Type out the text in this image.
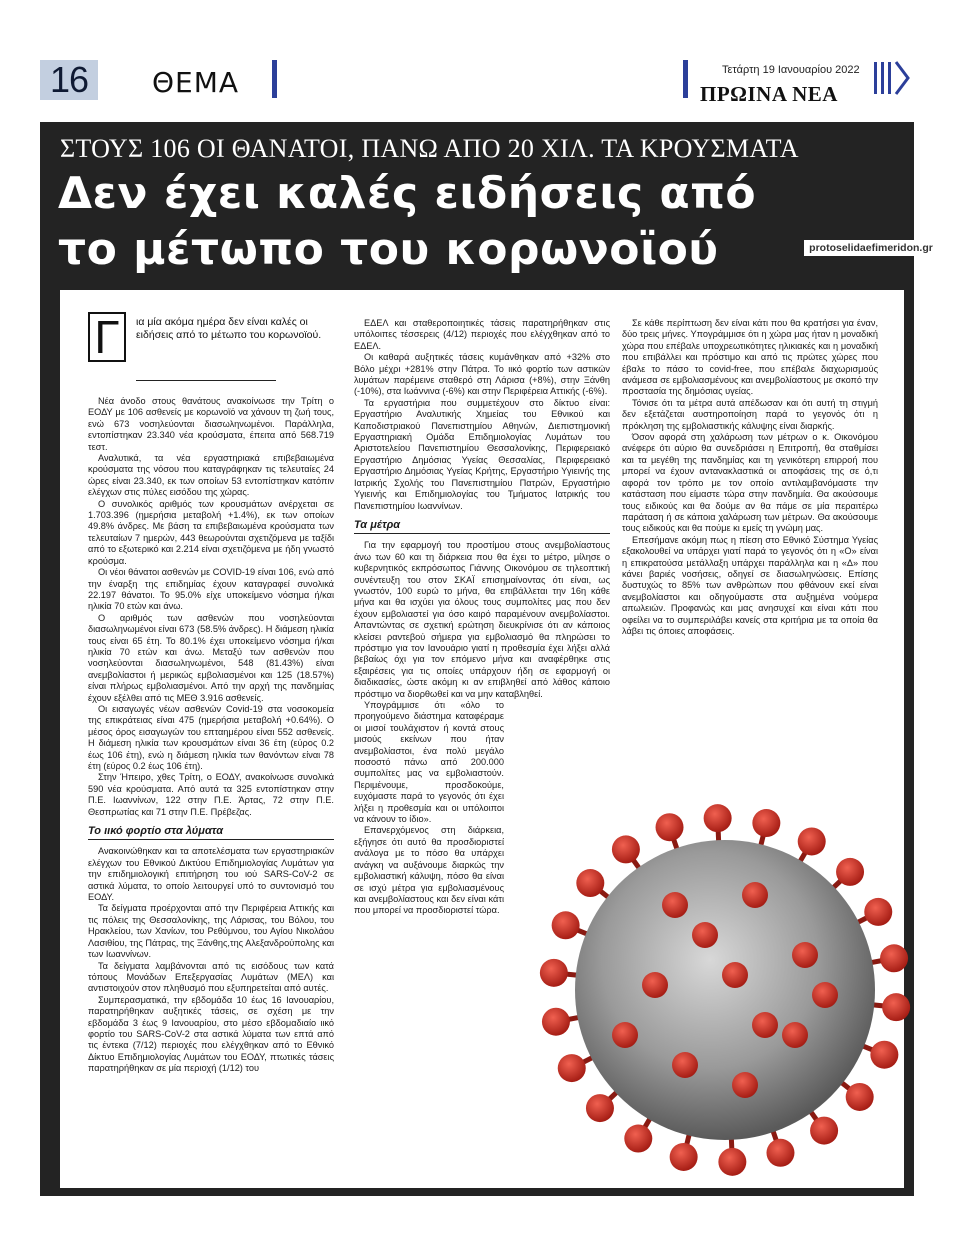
16	ΘΕΜΑ	Τετάρτη 19 Ιανουαρίου 2022
ΠΡΩΙΝΑ ΝΕΑ
ΣΤΟΥΣ 106 ΟΙ ΘΑΝΑΤΟΙ, ΠΑΝΩ ΑΠΟ 20 ΧΙΛ. ΤΑ ΚΡΟΥΣΜΑΤΑ
Δεν έχει καλές ειδήσεις από
το μέτωπο του κορωνοϊού	protoselidaefimeridon.gr
Γ	ια μία ακόμα ημέρα δεν είναι καλές οι ειδήσεις από το μέτωπο του κορωνοϊού.

Νέα άνοδο στους θανάτους ανακοίνωσε την Τρίτη ο ΕΟΔΥ με 106 ασθενείς με κορωνοϊό να χάνουν τη ζωή τους, ενώ 673 νοσηλεύονται διασωληνωμένοι. Παράλληλα, εντοπίστηκαν 23.340 νέα κρούσματα, έπειτα από 568.719 τεστ.

Αναλυτικά, τα νέα εργαστηριακά επιβεβαιωμένα κρούσματα της νόσου που καταγράφηκαν τις τελευταίες 24 ώρες είναι 23.340, εκ των οποίων 53 εντοπίστηκαν κατόπιν ελέγχων στις πύλες εισόδου της χώρας.

Ο συνολικός αριθμός των κρουσμάτων ανέρχεται σε 1.703.396 (ημερήσια μεταβολή +1.4%), εκ των οποίων 49.8% άνδρες. Με βάση τα επιβεβαιωμένα κρούσματα των τελευταίων 7 ημερών, 443 θεωρούνται σχετιζόμενα με ταξίδι από το εξωτερικό και 2.214 είναι σχετιζόμενα με ήδη γνωστό κρούσμα.

Οι νέοι θάνατοι ασθενών με COVID-19 είναι 106, ενώ από την έναρξη της επιδημίας έχουν καταγραφεί συνολικά 22.197 θάνατοι. Το 95.0% είχε υποκείμενο νόσημα ή/και ηλικία 70 ετών και άνω.

Ο αριθμός των ασθενών που νοσηλεύονται διασωληνωμένοι είναι 673 (58.5% άνδρες). Η διάμεση ηλικία τους είναι 65 έτη. Το 80.1% έχει υποκείμενο νόσημα ή/και ηλικία 70 ετών και άνω. Μεταξύ των ασθενών που νοσηλεύονται διασωληνωμένοι, 548 (81.43%) είναι ανεμβολίαστοι ή μερικώς εμβολιασμένοι και 125 (18.57%) είναι πλήρως εμβολιασμένοι. Από την αρχή της πανδημίας έχουν εξέλθει από τις ΜΕΘ 3.916 ασθενείς.

Οι εισαγωγές νέων ασθενών Covid-19 στα νοσοκομεία της επικράτειας είναι 475 (ημερήσια μεταβολή +0.64%). Ο μέσος όρος εισαγωγών του επταημέρου είναι 552 ασθενείς. Η διάμεση ηλικία των κρουσμάτων είναι 36 έτη (εύρος 0.2 έως 106 έτη), ενώ η διάμεση ηλικία των θανόντων είναι 78 έτη (εύρος 0.2 έως 106 έτη).

Στην Ήπειρο, χθες Τρίτη, ο ΕΟΔΥ, ανακοίνωσε συνολικά 590 νέα κρούσματα. Από αυτά τα 325 εντοπίστηκαν στην Π.Ε. Ιωαννίνων, 122 στην Π.Ε. Άρτας, 72 στην Π.Ε. Θεσπρωτίας και 71 στην Π.Ε. Πρέβεζας.

Το ιικό φορτίο στα λύματα

Ανακοινώθηκαν και τα αποτελέσματα των εργαστηριακών ελέγχων του Εθνικού Δικτύου Επιδημιολογίας Λυμάτων για την επιδημιολογική επιτήρηση του ιού SARS-CoV-2 σε αστικά λύματα, το οποίο λειτουργεί υπό το συντονισμό του ΕΟΔΥ.

Τα δείγματα προέρχονται από την Περιφέρεια Αττικής και τις πόλεις της Θεσσαλονίκης, της Λάρισας, του Βόλου, του Ηρακλείου, των Χανίων, του Ρεθύμνου, του Αγίου Νικολάου Λασιθίου, της Πάτρας, της Ξάνθης,της Αλεξανδρούπολης και των Ιωαννίνων.

Τα δείγματα λαμβάνονται από τις εισόδους των κατά τόπους Μονάδων Επεξεργασίας Λυμάτων (ΜΕΛ) και αντιστοιχούν στον πληθυσμό που εξυπηρετείται από αυτές.

Συμπερασματικά, την εβδομάδα 10 έως 16 Ιανουαρίου, παρατηρήθηκαν αυξητικές τάσεις, σε σχέση με την εβδομάδα 3 έως 9 Ιανουαρίου, στο μέσο εβδομαδιαίο ιικό φορτίο του SARS-CoV-2 στα αστικά λύματα των επτά από τις έντεκα (7/12) περιοχές που ελέγχθηκαν από το Εθνικό Δίκτυο Επιδημιολογίας Λυμάτων του ΕΟΔΥ, πτωτικές τάσεις παρατηρήθηκαν σε μία περιοχή (1/12) του

ΕΔΕΛ και σταθεροποιητικές τάσεις παρατηρήθηκαν στις υπόλοιπες τέσσερεις (4/12) περιοχές που ελέγχθηκαν από το ΕΔΕΛ.

Οι καθαρά αυξητικές τάσεις κυμάνθηκαν από +32% στο Βόλο μέχρι +281% στην Πάτρα. Το ιικό φορτίο των αστικών λυμάτων παρέμεινε σταθερό στη Λάρισα (+8%), στην Ξάνθη (-10%), στα Ιωάννινα (-6%) και στην Περιφέρεια Αττικής (-6%).

Τα εργαστήρια που συμμετέχουν στο δίκτυο είναι: Εργαστήριο Αναλυτικής Χημείας του Εθνικού και Καποδιστριακού Πανεπιστημίου Αθηνών, Διεπιστημονική Εργαστηριακή Ομάδα Επιδημιολογίας Λυμάτων του Αριστοτελείου Πανεπιστημίου Θεσσαλονίκης, Περιφερειακό Εργαστήριο Δημόσιας Υγείας Θεσσαλίας, Περιφερειακό Εργαστήριο Δημόσιας Υγείας Κρήτης, Εργαστήριο Υγιεινής της Ιατρικής Σχολής του Πανεπιστημίου Πατρών, Εργαστήριο Υγιεινής και Επιδημιολογίας του Τμήματος Ιατρικής του Πανεπιστημίου Ιωαννίνων.

Τα μέτρα

Για την εφαρμογή του προστίμου στους ανεμβολίαστους άνω των 60 και τη διάρκεια που θα έχει το μέτρο, μίλησε ο κυβερνητικός εκπρόσωπος Γιάννης Οικονόμου σε τηλεοπτική συνέντευξη του στον ΣΚΑΪ επισημαίνοντας ότι είναι, ως γνωστόν, 100 ευρώ το μήνα, θα επιβάλλεται την 16η κάθε μήνα και θα ισχύει για όλους τους συμπολίτες μας που δεν έχουν εμβολιαστεί για όσο καιρό παραμένουν ανεμβολίαστοι. Απαντώντας σε σχετική ερώτηση διευκρίνισε ότι αν κάποιος κλείσει ραντεβού σήμερα για εμβολιασμό θα πληρώσει το πρόστιμο για τον Ιανουάριο γιατί η προθεσμία έχει λήξει αλλά βεβαίως όχι για τον επόμενο μήνα και αναφέρθηκε στις εξαιρέσεις για τις οποίες υπάρχουν ήδη σε εφαρμογή οι διαδικασίες, ώστε ακόμη κι αν επιβληθεί από λάθος κάποιο πρόστιμο να διορθωθεί και να μην καταβληθεί.

Υπογράμμισε ότι «όλο το προηγούμενο διάστημα καταφέραμε οι μισοί τουλάχιστον ή κοντά στους μισούς εκείνων που ήταν ανεμβολίαστοι, ένα πολύ μεγάλο ποσοστό πάνω από 200.000 συμπολίτες μας να εμβολιαστούν. Περιμένουμε, προσδοκούμε, ευχόμαστε παρά το γεγονός ότι έχει λήξει η προθεσμία και οι υπόλοιποι να κάνουν το ίδιο».

Επανερχόμενος στη διάρκεια, εξήγησε ότι αυτό θα προσδιοριστεί ανάλογα με το πόσο θα υπάρχει ανάγκη να αυξάνουμε διαρκώς την εμβολιαστική κάλυψη, πόσο θα είναι σε ισχύ μέτρα για εμβολιασμένους και ανεμβολίαστους και δεν είναι κάτι που μπορεί να προσδιοριστεί τώρα.

Σε κάθε περίπτωση δεν είναι κάτι που θα κρατήσει για έναν, δύο τρεις μήνες. Υπογράμμισε ότι η χώρα μας ήταν η μοναδική χώρα που επέβαλε υποχρεωτικότητες ηλικιακές και η μοναδική που επιβάλλει και πρόστιμο και από τις πρώτες χώρες που έβαλε το πάσο το covid-free, που επέβαλε διαχωρισμούς ανάμεσα σε εμβολιασμένους και ανεμβολίαστους με σκοπό την προστασία της δημόσιας υγείας.

Τόνισε ότι τα μέτρα αυτά απέδωσαν και ότι αυτή τη στιγμή δεν εξετάζεται αυστηροποίηση παρά το γεγονός ότι η πρόκληση της εμβολιαστικής κάλυψης είναι διαρκής.

Όσον αφορά στη χαλάρωση των μέτρων ο κ. Οικονόμου ανέφερε ότι αύριο θα συνεδριάσει η Επιτροπή, θα σταθμίσει και τα μεγέθη της πανδημίας και τη γενικότερη επιρροή που μπορεί να έχουν αντανακλαστικά οι αποφάσεις της σε ό,τι αφορά τον τρόπο με τον οποίο αντιλαμβανόμαστε την κατάσταση που είμαστε τώρα στην πανδημία. Θα ακούσουμε τους ειδικούς και θα δούμε αν θα πάμε σε μία περαιτέρω παράταση ή σε κάποια χαλάρωση των μέτρων. Θα ακούσουμε τους ειδικούς και θα πούμε κι εμείς τη γνώμη μας.

Επεσήμανε ακόμη πως η πίεση στο Εθνικό Σύστημα Υγείας εξακολουθεί να υπάρχει γιατί παρά το γεγονός ότι η «Ο» είναι η επικρατούσα μετάλλαξη υπάρχει παράλληλα και η «Δ» που κάνει βαριές νοσήσεις, οδηγεί σε διασωληνώσεις. Επίσης δυστυχώς το 85% των ανθρώπων που φθάνουν εκεί είναι ανεμβολίαστοι και οδηγούμαστε στα αυξημένα νούμερα απωλειών. Προφανώς και μας ανησυχεί και είναι κάτι που οφείλει να το συμπεριλάβει κανείς στα κριτήρια με τα οποία θα λάβει τις όποιες αποφάσεις.
